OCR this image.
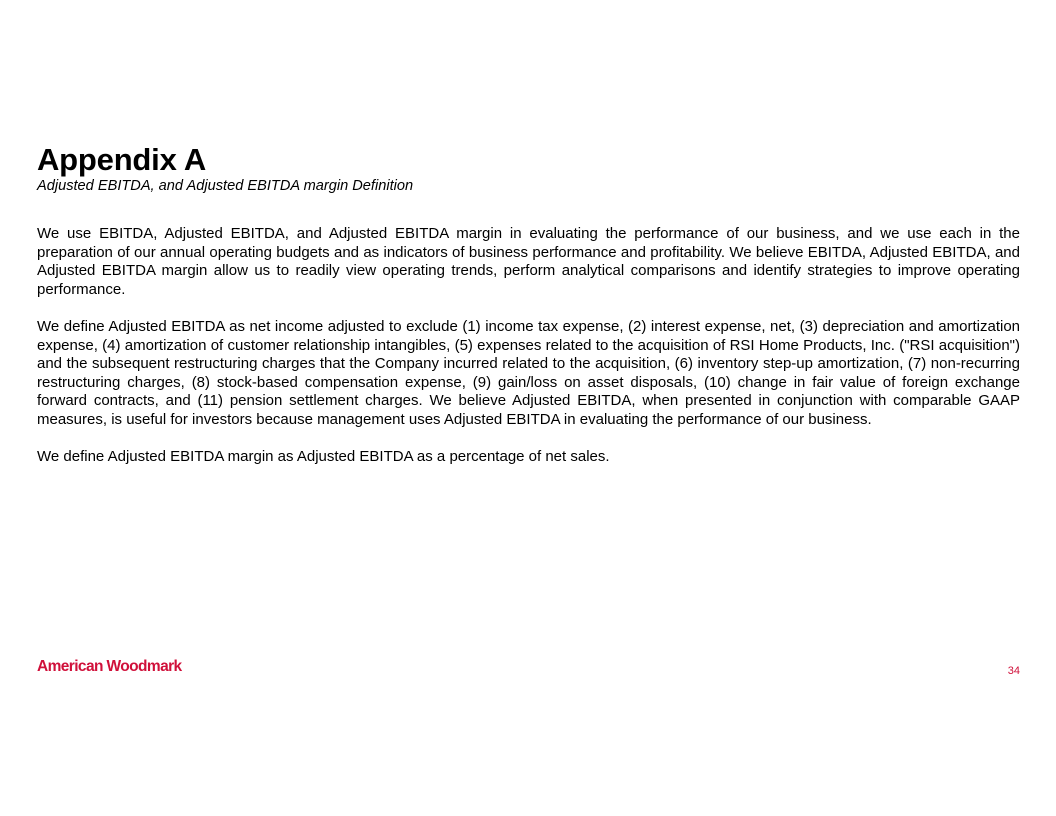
Appendix A

Adjusted EBITDA, and Adjusted EBITDA margin Definition

We use EBITDA, Adjusted EBITDA, and Adjusted EBITDA margin in evaluating the performance of our business, and we use each in the preparation of our annual operating budgets and as indicators of business performance and profitability. We believe EBITDA, Adjusted EBITDA, and Adjusted EBITDA margin allow us to readily view operating trends, perform analytical comparisons and identify strategies to improve operating performance.

We define Adjusted EBITDA as net income adjusted to exclude (1) income tax expense, (2) interest expense, net, (3) depreciation and amortization expense, (4) amortization of customer relationship intangibles, (5) expenses related to the acquisition of RSI Home Products, Inc. ("RSI acquisition") and the subsequent restructuring charges that the Company incurred related to the acquisition, (6) inventory step-up amortization, (7) non-recurring restructuring charges, (8) stock-based compensation expense, (9) gain/loss on asset disposals, (10) change in fair value of foreign exchange forward contracts, and (11) pension settlement charges. We believe Adjusted EBITDA, when presented in conjunction with comparable GAAP measures, is useful for investors because management uses Adjusted EBITDA in evaluating the performance of our business.

We define Adjusted EBITDA margin as Adjusted EBITDA as a percentage of net sales.

American Woodmark	34
